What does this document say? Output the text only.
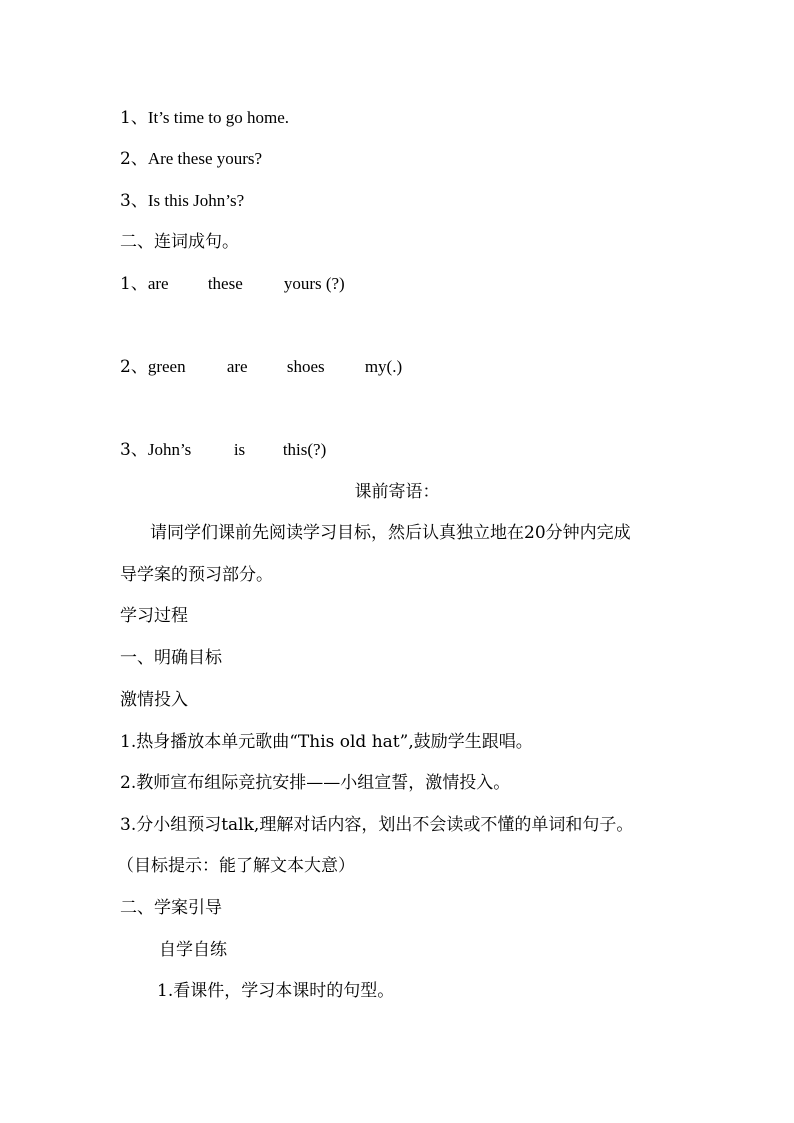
1、It’s time to go home.
2、Are these yours?
3、Is this John’s?
二、连词成句。
1、are these yours (?)
2、green are shoes my(.)
3、John’s	is this(?)
课前寄语：
请同学们课前先阅读学习目标，然后认真独立地在20分钟内完成
导学案的预习部分。
学习过程
一、明确目标
激情投入
1.热身播放本单元歌曲“This old hat”,鼓励学生跟唱。
2.教师宣布组际竞抗安排——小组宣誓，激情投入。
3.分小组预习talk,理解对话内容，划出不会读或不懂的单词和句子。
（目标提示：能了解文本大意）
二、学案引导
自学自练
1.看课件，学习本课时的句型。
